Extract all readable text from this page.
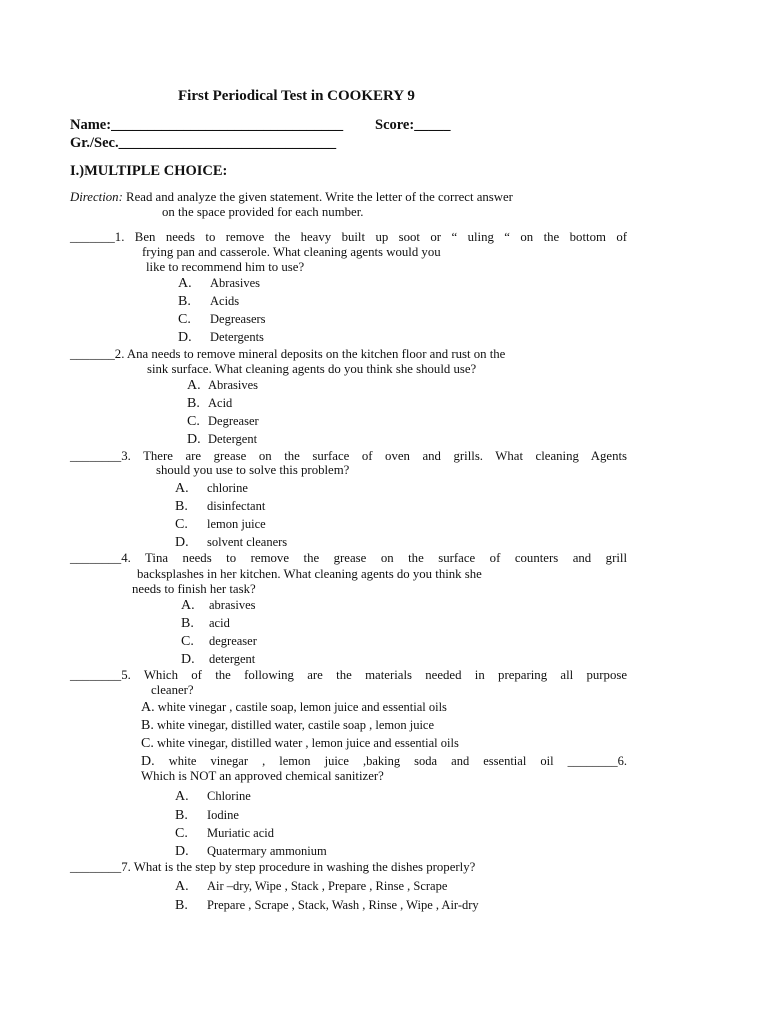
First Periodical Test in COOKERY 9
Name:________________________________ Score:_____
Gr./Sec.______________________________
I.)MULTIPLE CHOICE:
Direction: Read and analyze the given statement. Write the letter of the correct answer
on the space provided for each number.
_______1. Ben needs to remove the heavy built up soot or “ uling “ on the bottom of
frying pan and casserole. What cleaning agents would you
like to recommend him to use?
A. Abrasives
B. Acids
C. Degreasers
D. Detergents
_______2. Ana needs to remove mineral deposits on the kitchen floor and rust on the
sink surface. What cleaning agents do you think she should use?
A. Abrasives
B. Acid
C. Degreaser
D. Detergent
________3. There are grease on the surface of oven and grills. What cleaning Agents
should you use to solve this problem?
A. chlorine
B. disinfectant
C. lemon juice
D. solvent cleaners
________4. Tina needs to remove the grease on the surface of counters and grill
backsplashes in her kitchen. What cleaning agents do you think she
needs to finish her task?
A. abrasives
B. acid
C. degreaser
D. detergent
________5. Which of the following are the materials needed in preparing all purpose
cleaner?
A. white vinegar , castile soap, lemon juice and essential oils
B. white vinegar, distilled water, castile soap , lemon juice
C. white vinegar, distilled water , lemon juice and essential oils
D. white vinegar , lemon juice ,baking soda and essential oil ________6.
Which is NOT an approved chemical sanitizer?
A. Chlorine
B. Iodine
C. Muriatic acid
D. Quatermary ammonium
________7. What is the step by step procedure in washing the dishes properly?
A. Air –dry, Wipe , Stack , Prepare , Rinse , Scrape
B. Prepare , Scrape , Stack, Wash , Rinse , Wipe , Air-dry
